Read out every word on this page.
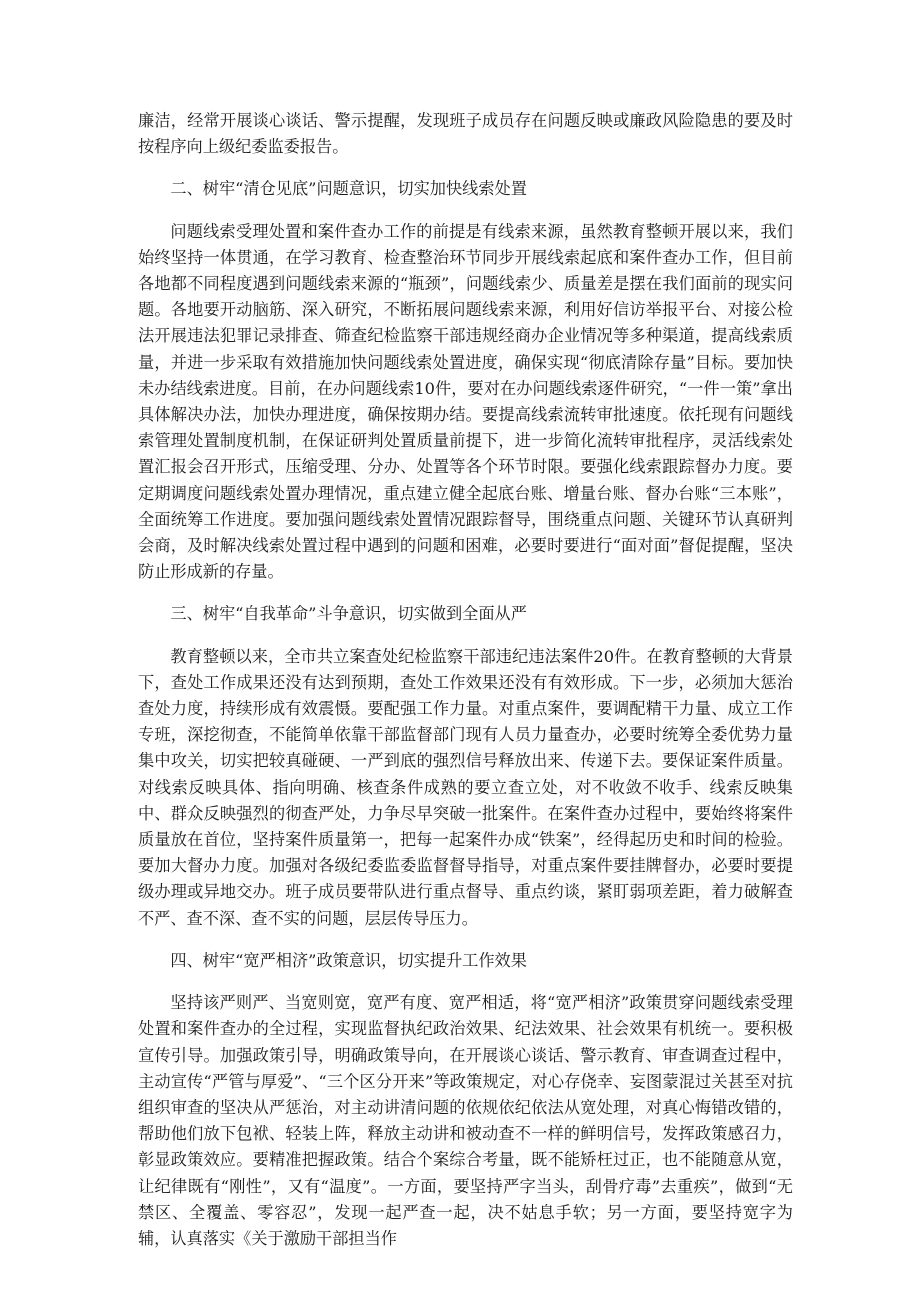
廉洁，经常开展谈心谈话、警示提醒，发现班子成员存在问题反映或廉政风险隐患的要及时按程序向上级纪委监委报告。

二、树牢“清仓见底”问题意识，切实加快线索处置

问题线索受理处置和案件查办工作的前提是有线索来源，虽然教育整顿开展以来，我们始终坚持一体贯通，在学习教育、检查整治环节同步开展线索起底和案件查办工作，但目前各地都不同程度遇到问题线索来源的“瓶颈”，问题线索少、质量差是摆在我们面前的现实问题。各地要开动脑筋、深入研究，不断拓展问题线索来源，利用好信访举报平台、对接公检法开展违法犯罪记录排查、筛查纪检监察干部违规经商办企业情况等多种渠道，提高线索质量，并进一步采取有效措施加快问题线索处置进度，确保实现“彻底清除存量”目标。要加快未办结线索进度。目前，在办问题线索10件，要对在办问题线索逐件研究，“一件一策”拿出具体解决办法，加快办理进度，确保按期办结。要提高线索流转审批速度。依托现有问题线索管理处置制度机制，在保证研判处置质量前提下，进一步简化流转审批程序，灵活线索处置汇报会召开形式，压缩受理、分办、处置等各个环节时限。要强化线索跟踪督办力度。要定期调度问题线索处置办理情况，重点建立健全起底台账、增量台账、督办台账“三本账”，全面统筹工作进度。要加强问题线索处置情况跟踪督导，围绕重点问题、关键环节认真研判会商，及时解决线索处置过程中遇到的问题和困难，必要时要进行“面对面”督促提醒，坚决防止形成新的存量。

三、树牢“自我革命”斗争意识，切实做到全面从严

教育整顿以来，全市共立案查处纪检监察干部违纪违法案件20件。在教育整顿的大背景下，查处工作成果还没有达到预期，查处工作效果还没有有效形成。下一步，必须加大惩治查处力度，持续形成有效震慑。要配强工作力量。对重点案件，要调配精干力量、成立工作专班，深挖彻查，不能简单依靠干部监督部门现有人员力量查办，必要时统筹全委优势力量集中攻关，切实把较真碰硬、一严到底的强烈信号释放出来、传递下去。要保证案件质量。对线索反映具体、指向明确、核查条件成熟的要立查立处，对不收敛不收手、线索反映集中、群众反映强烈的彻查严处，力争尽早突破一批案件。在案件查办过程中，要始终将案件质量放在首位，坚持案件质量第一，把每一起案件办成“铁案”，经得起历史和时间的检验。要加大督办力度。加强对各级纪委监委监督督导指导，对重点案件要挂牌督办，必要时要提级办理或异地交办。班子成员要带队进行重点督导、重点约谈，紧盯弱项差距，着力破解查不严、查不深、查不实的问题，层层传导压力。

四、树牢“宽严相济”政策意识，切实提升工作效果

坚持该严则严、当宽则宽，宽严有度、宽严相适，将“宽严相济”政策贯穿问题线索受理处置和案件查办的全过程，实现监督执纪政治效果、纪法效果、社会效果有机统一。要积极宣传引导。加强政策引导，明确政策导向，在开展谈心谈话、警示教育、审查调查过程中，主动宣传“严管与厚爱”、“三个区分开来”等政策规定，对心存侥幸、妄图蒙混过关甚至对抗组织审查的坚决从严惩治，对主动讲清问题的依规依纪依法从宽处理，对真心悔错改错的，帮助他们放下包袱、轻装上阵，释放主动讲和被动查不一样的鲜明信号，发挥政策感召力，彰显政策效应。要精准把握政策。结合个案综合考量，既不能矫枉过正，也不能随意从宽，让纪律既有“刚性”，又有“温度”。一方面，要坚持严字当头，刮骨疗毒”去重疾”，做到“无禁区、全覆盖、零容忍”，发现一起严查一起，决不姑息手软；另一方面，要坚持宽字为辅，认真落实《关于激励干部担当作
